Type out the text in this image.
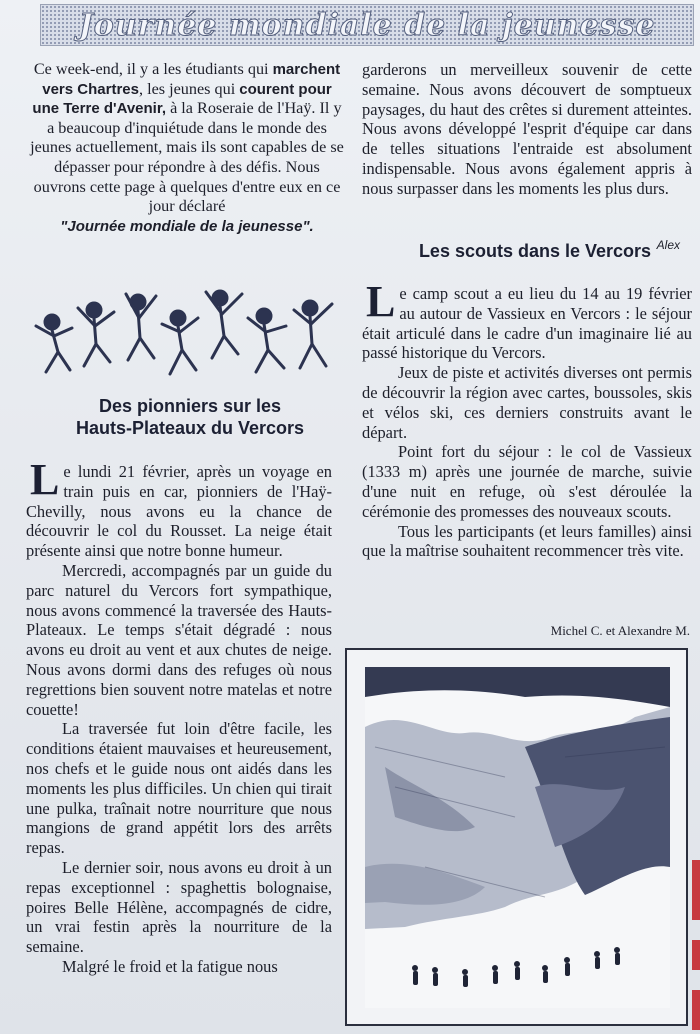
Journée mondiale de la jeunesse
Ce week-end, il y a les étudiants qui marchent vers Chartres, les jeunes qui courent pour une Terre d'Avenir, à la Roseraie de l'Haÿ. Il y a beaucoup d'inquiétude dans le monde des jeunes actuellement, mais ils sont capables de se dépasser pour répondre à des défis. Nous ouvrons cette page à quelques d'entre eux en ce jour déclaré
"Journée mondiale de la jeunesse".
Des pionniers sur les Hauts-Plateaux du Vercors

Le lundi 21 février, après un voyage en train puis en car, pionniers de l'Haÿ- Chevilly, nous avons eu la chance de découvrir le col du Rousset. La neige était présente ainsi que notre bonne humeur.

Mercredi, accompagnés par un guide du parc naturel du Vercors fort sympathique, nous avons commencé la traversée des Hauts-Plateaux. Le temps s'était dégradé : nous avons eu droit au vent et aux chutes de neige. Nous avons dormi dans des refuges où nous regrettions bien souvent notre matelas et notre couette!

La traversée fut loin d'être facile, les conditions étaient mauvaises et heureusement, nos chefs et le guide nous ont aidés dans les moments les plus difficiles. Un chien qui tirait une pulka, traînait notre nourriture que nous mangions de grand appétit lors des arrêts repas.

Le dernier soir, nous avons eu droit à un repas exceptionnel : spaghettis bolognaise, poires Belle Hélène, accompagnés de cidre, un vrai festin après la nourriture de la semaine.

Malgré le froid et la fatigue nous

garderons un merveilleux souvenir de cette semaine. Nous avons découvert de somptueux paysages, du haut des crêtes si durement atteintes. Nous avons développé l'esprit d'équipe car dans de telles situations l'entraide est absolument indispensable. Nous avons également appris à nous surpasser dans les moments les plus durs.

Alex
Les scouts dans le Vercors

Le camp scout a eu lieu du 14 au 19 février au autour de Vassieux en Vercors : le séjour était articulé dans le cadre d'un imaginaire lié au passé historique du Vercors.

Jeux de piste et activités diverses ont permis de découvrir la région avec cartes, boussoles, skis et vélos ski, ces derniers construits avant le départ.

Point fort du séjour : le col de Vassieux (1333 m) après une journée de marche, suivie d'une nuit en refuge, où s'est déroulée la cérémonie des promesses des nouveaux scouts.

Tous les participants (et leurs familles) ainsi que la maîtrise souhaitent recommencer très vite.

Michel C. et Alexandre M.
